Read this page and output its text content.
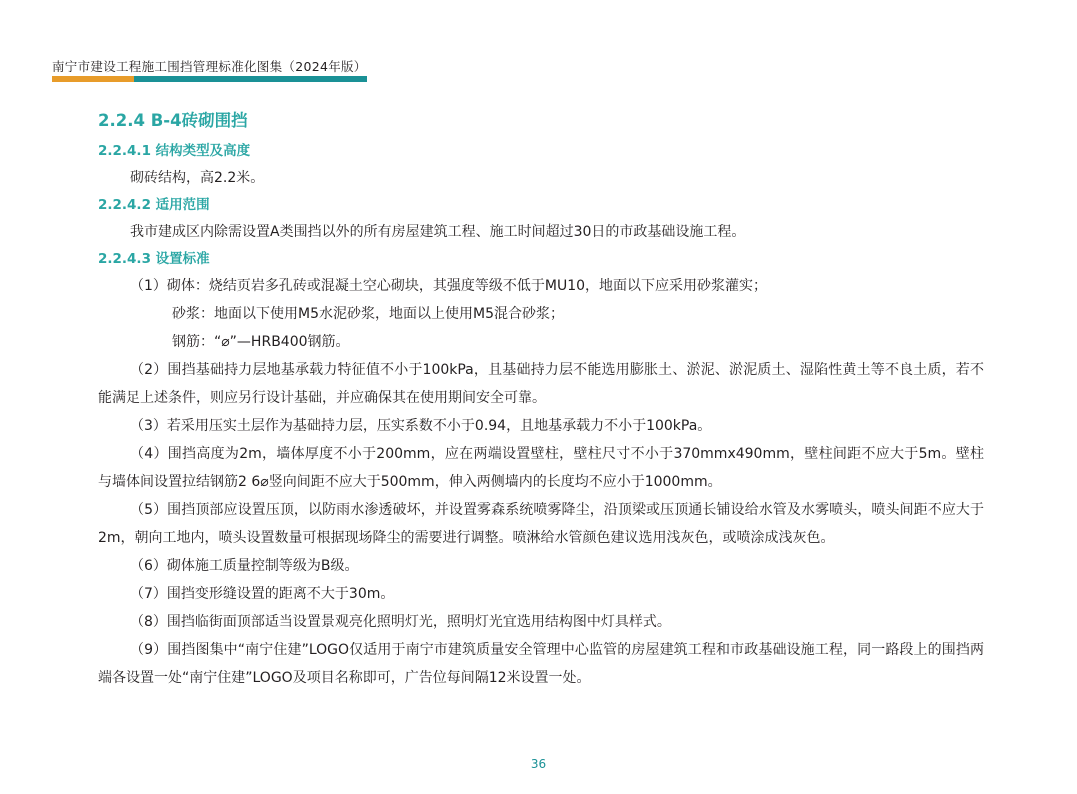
南宁市建设工程施工围挡管理标准化图集（2024年版）
2.2.4 B-4砖砌围挡
2.2.4.1 结构类型及高度
砌砖结构，高2.2米。
2.2.4.2 适用范围
我市建成区内除需设置A类围挡以外的所有房屋建筑工程、施工时间超过30日的市政基础设施工程。
2.2.4.3 设置标准
（1）砌体：烧结页岩多孔砖或混凝土空心砌块，其强度等级不低于MU10，地面以下应采用砂浆灌实；
砂浆：地面以下使用M5水泥砂浆，地面以上使用M5混合砂浆；
钢筋：“⌀”—HRB400钢筋。
（2）围挡基础持力层地基承载力特征值不小于100kPa，且基础持力层不能选用膨胀土、淤泥、淤泥质土、湿陷性黄土等不良土质，若不能满足上述条件，则应另行设计基础，并应确保其在使用期间安全可靠。
（3）若采用压实土层作为基础持力层，压实系数不小于0.94，且地基承载力不小于100kPa。
（4）围挡高度为2m，墙体厚度不小于200mm，应在两端设置壁柱，壁柱尺寸不小于370mmx490mm，壁柱间距不应大于5m。壁柱与墙体间设置拉结钢筋2 6⌀竖向间距不应大于500mm，伸入两侧墙内的长度均不应小于1000mm。
（5）围挡顶部应设置压顶，以防雨水渗透破坏，并设置雾森系统喷雾降尘，沿顶梁或压顶通长铺设给水管及水雾喷头，喷头间距不应大于2m，朝向工地内，喷头设置数量可根据现场降尘的需要进行调整。喷淋给水管颜色建议选用浅灰色，或喷涂成浅灰色。
（6）砌体施工质量控制等级为B级。
（7）围挡变形缝设置的距离不大于30m。
（8）围挡临街面顶部适当设置景观亮化照明灯光，照明灯光宜选用结构图中灯具样式。
（9）围挡图集中“南宁住建”LOGO仅适用于南宁市建筑质量安全管理中心监管的房屋建筑工程和市政基础设施工程，同一路段上的围挡两端各设置一处“南宁住建”LOGO及项目名称即可，广告位每间隔12米设置一处。
36
